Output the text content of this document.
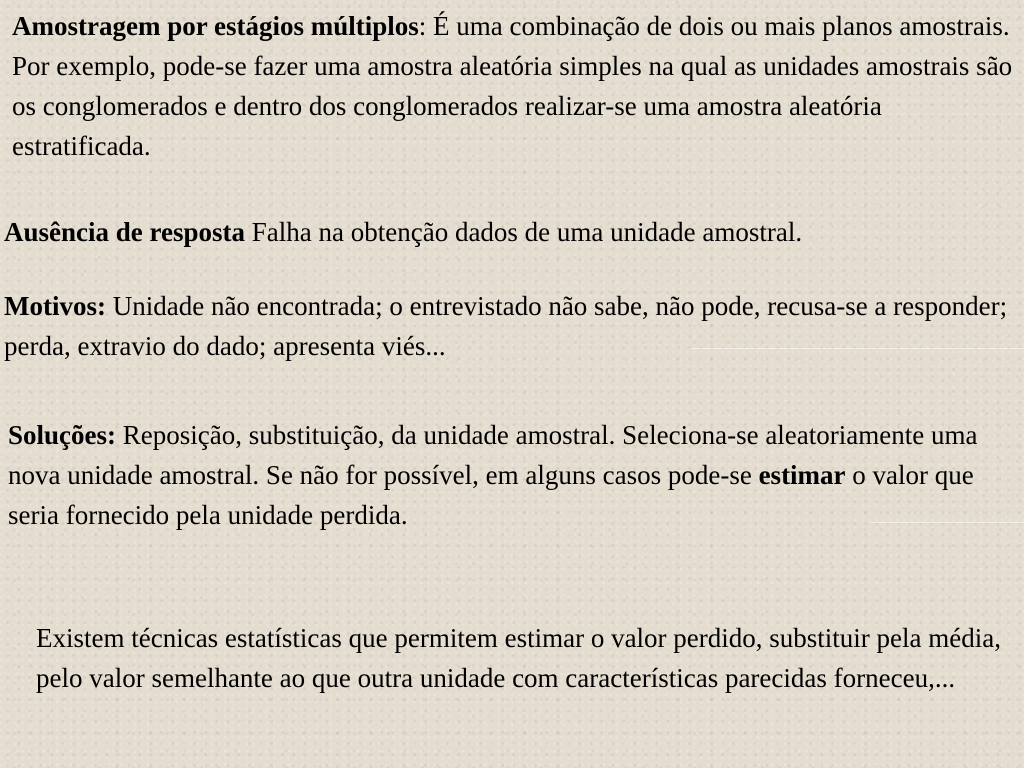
Amostragem por estágios múltiplos: É uma combinação de dois ou mais planos amostrais. Por exemplo, pode-se fazer uma amostra aleatória simples na qual as unidades amostrais são os conglomerados e dentro dos conglomerados realizar-se uma amostra aleatória estratificada.

Ausência de resposta Falha na obtenção dados de uma unidade amostral.

Motivos: Unidade não encontrada; o entrevistado não sabe, não pode, recusa-se a responder; perda, extravio do dado; apresenta viés...

Soluções: Reposição, substituição, da unidade amostral. Seleciona-se aleatoriamente uma nova unidade amostral. Se não for possível, em alguns casos pode-se estimar o valor que seria fornecido pela unidade perdida.

Existem técnicas estatísticas que permitem estimar o valor perdido, substituir pela média, pelo valor semelhante ao que outra unidade com características parecidas forneceu,...
